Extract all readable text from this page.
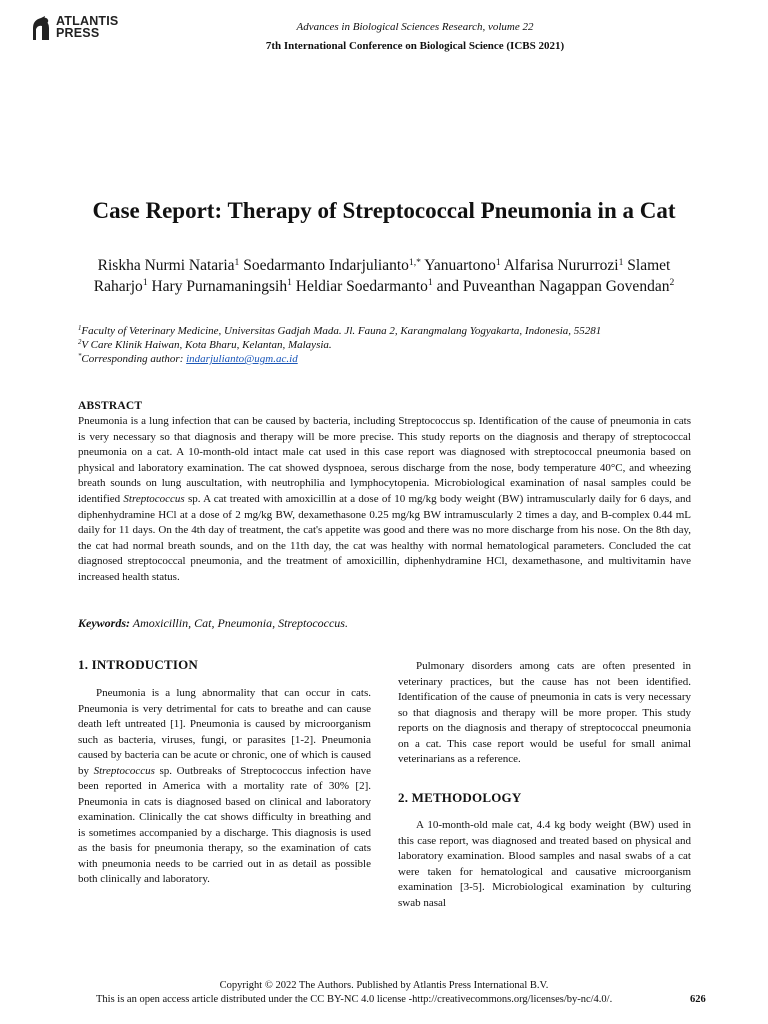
ATLANTIS
PRESS	Advances in Biological Sciences Research, volume 22
7th International Conference on Biological Science (ICBS 2021)
Case Report: Therapy of Streptococcal Pneumonia in a Cat
Riskha Nurmi Nataria$^1$ Soedarmanto Indarjulianto$^{1,*}$ Yanuartono$^1$ Alfarisa Nururrozi$^1$ Slamet Raharjo$^1$ Hary Purnamaningsih$^1$ Heldiar Soedarmanto$^1$ and Puveanthan Nagappan Govendan$^2$
$^1$Faculty of Veterinary Medicine, Universitas Gadjah Mada. Jl. Fauna 2, Karangmalang Yogyakarta, Indonesia, 55281
$^2$V Care Klinik Haiwan, Kota Bharu, Kelantan, Malaysia.
*Corresponding author: indarjulianto@ugm.ac.id
ABSTRACT
Pneumonia is a lung infection that can be caused by bacteria, including Streptococcus sp. Identification of the cause of pneumonia in cats is very necessary so that diagnosis and therapy will be more precise. This study reports on the diagnosis and therapy of streptococcal pneumonia on a cat. A 10-month-old intact male cat used in this case report was diagnosed with streptococcal pneumonia based on physical and laboratory examination. The cat showed dyspnoea, serous discharge from the nose, body temperature 40°C, and wheezing breath sounds on lung auscultation, with neutrophilia and lymphocytopenia. Microbiological examination of nasal samples could be identified Streptococcus sp. A cat treated with amoxicillin at a dose of 10 mg/kg body weight (BW) intramuscularly daily for 6 days, and diphenhydramine HCl at a dose of 2 mg/kg BW, dexamethasone 0.25 mg/kg BW intramuscularly 2 times a day, and B-complex 0.44 mL daily for 11 days. On the 4th day of treatment, the cat's appetite was good and there was no more discharge from his nose. On the 8th day, the cat had normal breath sounds, and on the 11th day, the cat was healthy with normal hematological parameters. Concluded the cat diagnosed streptococcal pneumonia, and the treatment of amoxicillin, diphenhydramine HCl, dexamethasone, and multivitamin have increased health status.
Keywords: Amoxicillin, Cat, Pneumonia, Streptococcus.
1. INTRODUCTION

Pneumonia is a lung abnormality that can occur in cats. Pneumonia is very detrimental for cats to breathe and can cause death left untreated [1]. Pneumonia is caused by microorganism such as bacteria, viruses, fungi, or parasites [1-2]. Pneumonia caused by bacteria can be acute or chronic, one of which is caused by Streptococcus sp. Outbreaks of Streptococcus infection have been reported in America with a mortality rate of 30% [2]. Pneumonia in cats is diagnosed based on clinical and laboratory examination. Clinically the cat shows difficulty in breathing and is sometimes accompanied by a discharge. This diagnosis is used as the basis for pneumonia therapy, so the examination of cats with pneumonia needs to be carried out in as detail as possible both clinically and laboratory.

Pulmonary disorders among cats are often presented in veterinary practices, but the cause has not been identified. Identification of the cause of pneumonia in cats is very necessary so that diagnosis and therapy will be more proper. This study reports on the diagnosis and therapy of streptococcal pneumonia on a cat. This case report would be useful for small animal veterinarians as a reference.

2. METHODOLOGY

A 10-month-old male cat, 4.4 kg body weight (BW) used in this case report, was diagnosed and treated based on physical and laboratory examination. Blood samples and nasal swabs of a cat were taken for hematological and causative microorganism examination [3-5]. Microbiological examination by culturing swab nasal

Copyright © 2022 The Authors. Published by Atlantis Press International B.V.
This is an open access article distributed under the CC BY-NC 4.0 license -http://creativecommons.org/licenses/by-nc/4.0/.	626
